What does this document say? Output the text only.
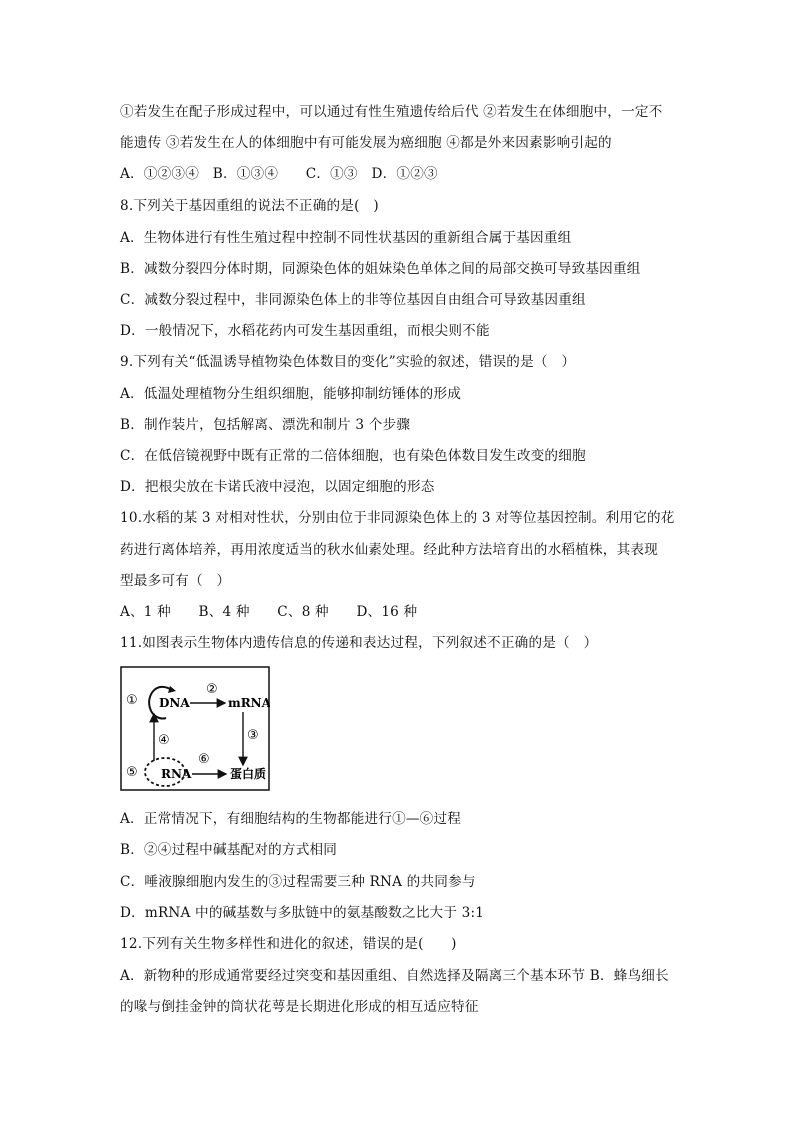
①若发生在配子形成过程中，可以通过有性生殖遗传给后代 ②若发生在体细胞中，一定不
能遗传 ③若发生在人的体细胞中有可能发展为癌细胞 ④都是外来因素影响引起的
A．①②③④　B．①③④　　C．①③　D．①②③
8.下列关于基因重组的说法不正确的是(　)
A．生物体进行有性生殖过程中控制不同性状基因的重新组合属于基因重组
B．减数分裂四分体时期，同源染色体的姐妹染色单体之间的局部交换可导致基因重组
C．减数分裂过程中，非同源染色体上的非等位基因自由组合可导致基因重组
D．一般情况下，水稻花药内可发生基因重组，而根尖则不能
9.下列有关“低温诱导植物染色体数目的变化”实验的叙述，错误的是（　）
A．低温处理植物分生组织细胞，能够抑制纺锤体的形成
B．制作装片，包括解离、漂洗和制片 3 个步骤
C．在低倍镜视野中既有正常的二倍体细胞，也有染色体数目发生改变的细胞
D．把根尖放在卡诺氏液中浸泡，以固定细胞的形态
10.水稻的某 3 对相对性状，分别由位于非同源染色体上的 3 对等位基因控制。利用它的花
药进行离体培养，再用浓度适当的秋水仙素处理。经此种方法培育出的水稻植株，其表现
型最多可有（　）
A、1 种　　B、4 种　　C、8 种　　D、16 种
11.如图表示生物体内遗传信息的传递和表达过程，下列叙述不正确的是（　）
①
②
③
④
⑤
⑥
DNA	mRNA
RNA	蛋白质
A．正常情况下，有细胞结构的生物都能进行①—⑥过程
B．②④过程中碱基配对的方式相同
C．唾液腺细胞内发生的③过程需要三种 RNA 的共同参与
D．mRNA 中的碱基数与多肽链中的氨基酸数之比大于 3:1
12.下列有关生物多样性和进化的叙述，错误的是(　　)
A．新物种的形成通常要经过突变和基因重组、自然选择及隔离三个基本环节 B．蜂鸟细长
的喙与倒挂金钟的筒状花萼是长期进化形成的相互适应特征
